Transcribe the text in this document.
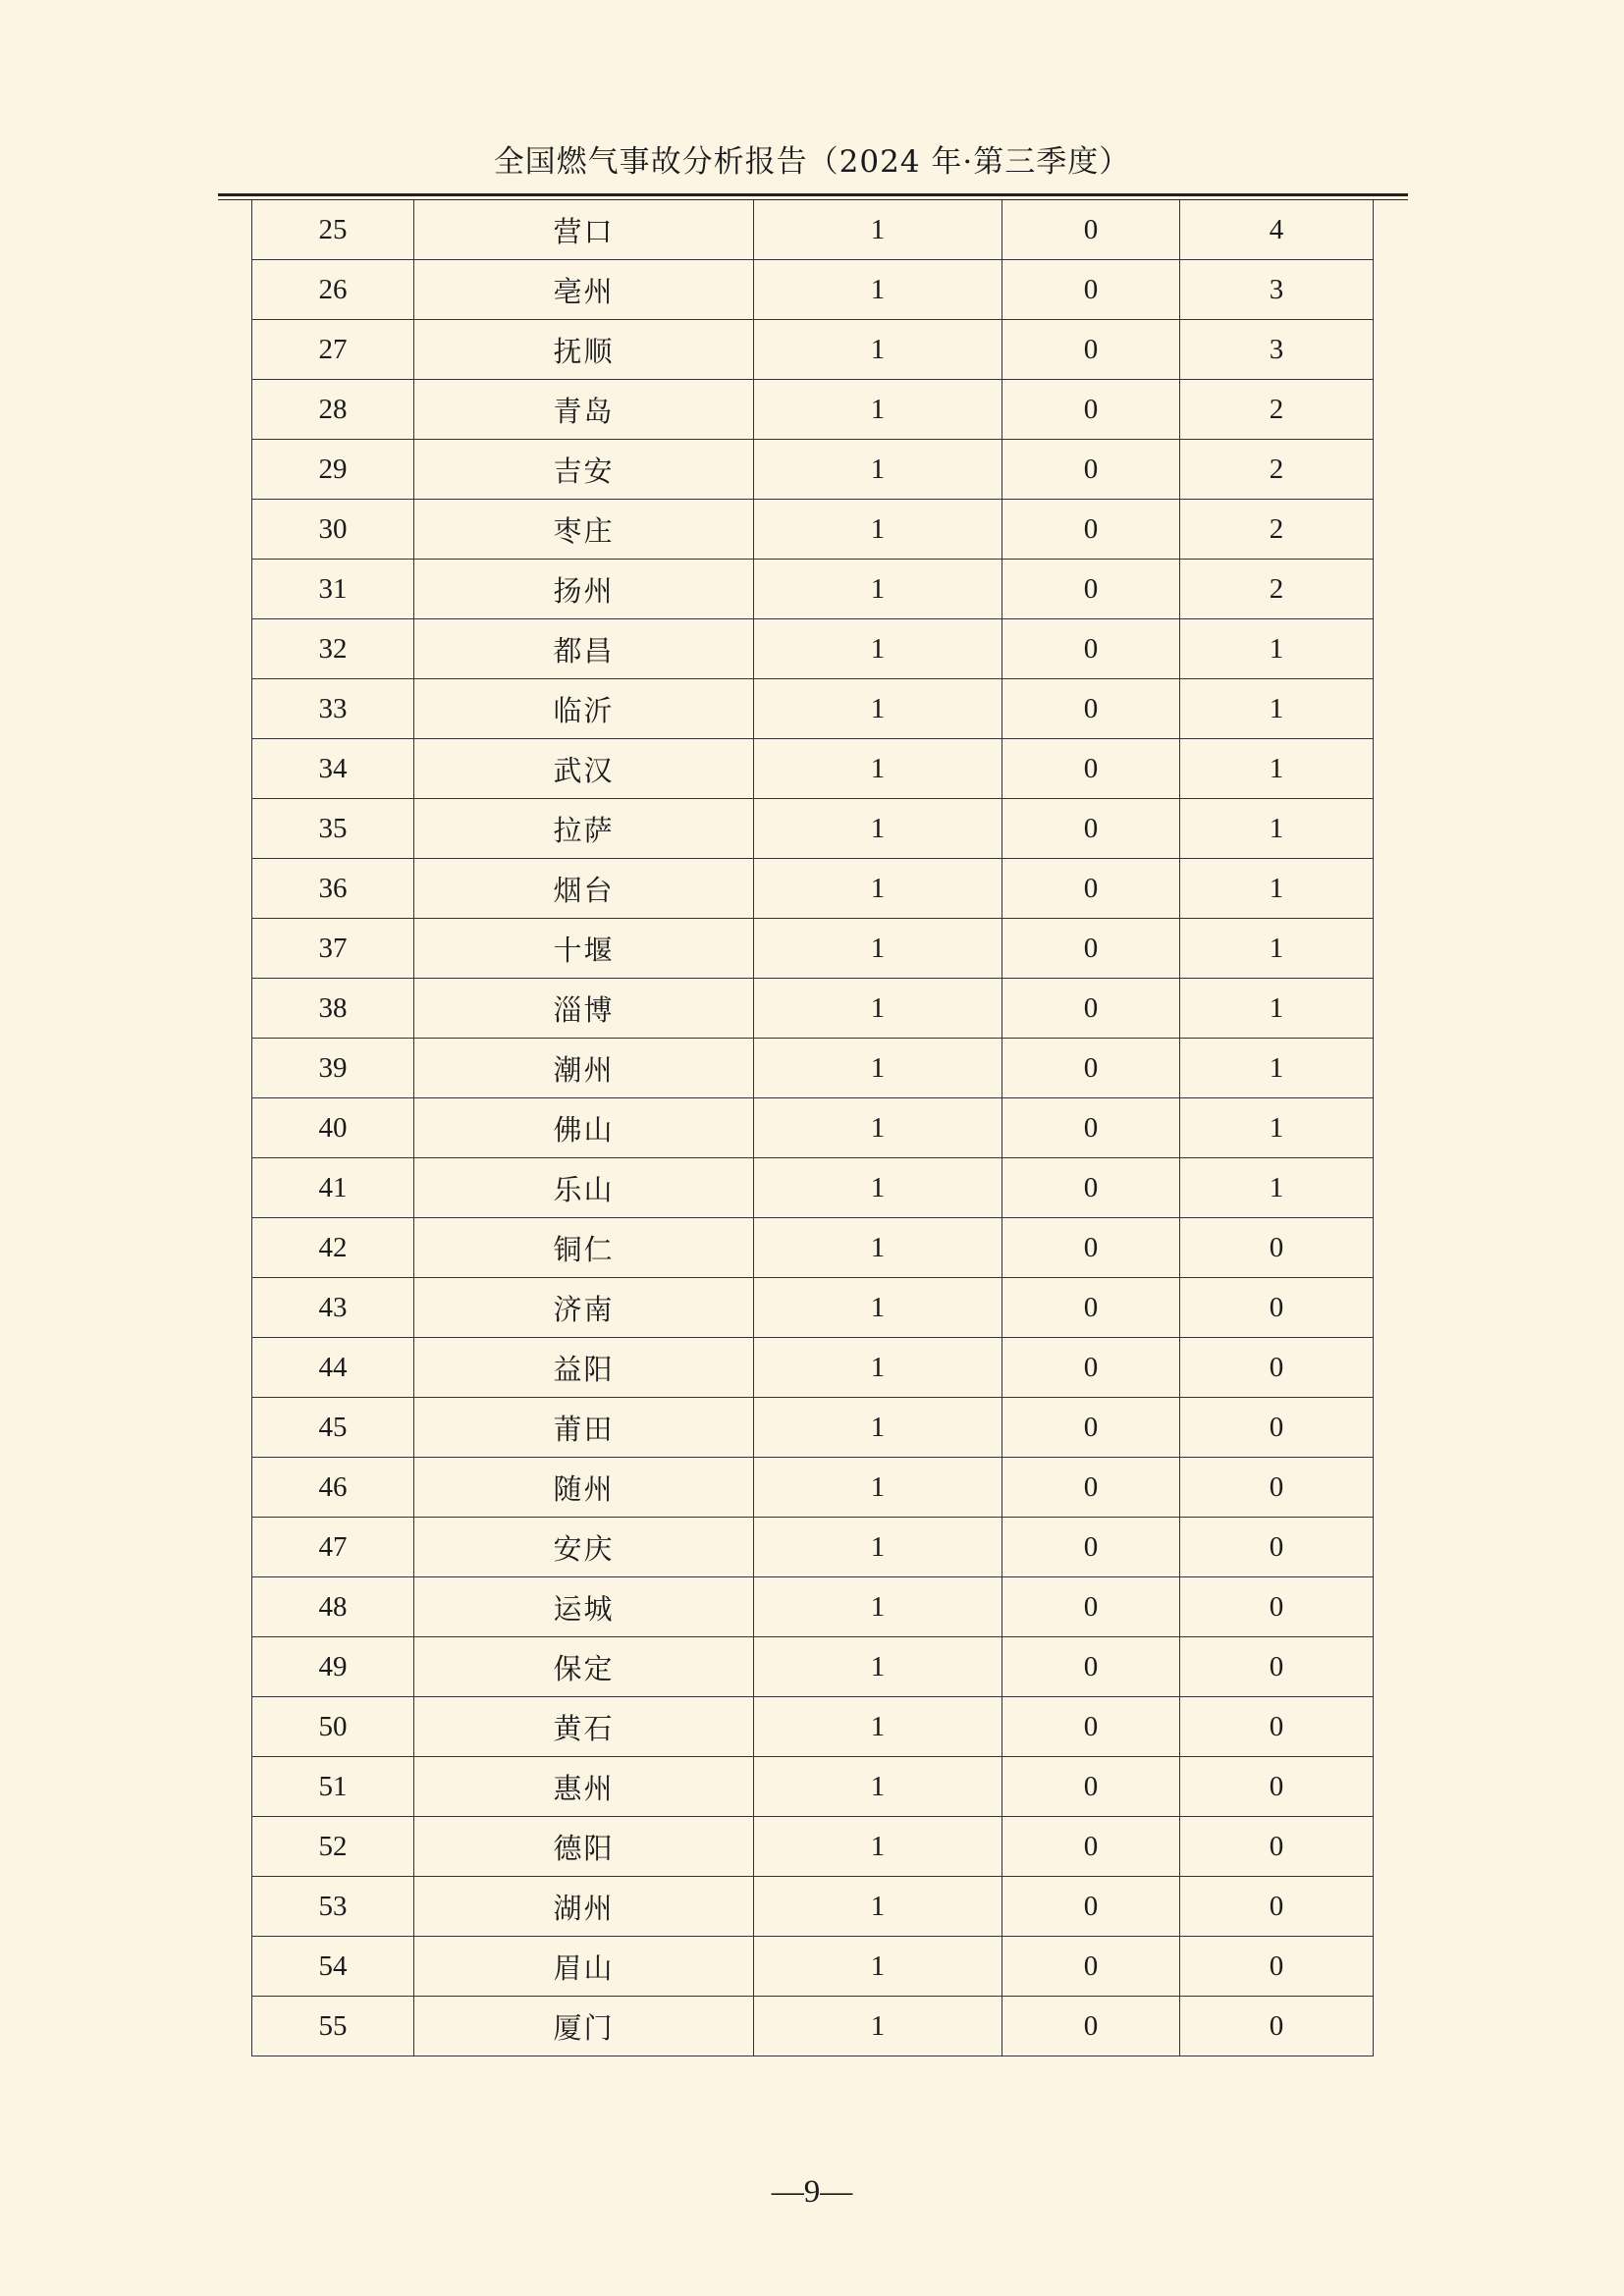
全国燃气事故分析报告（2024 年·第三季度）
25	营口	1	0	4
26	亳州	1	0	3
27	抚顺	1	0	3
28	青岛	1	0	2
29	吉安	1	0	2
30	枣庄	1	0	2
31	扬州	1	0	2
32	都昌	1	0	1
33	临沂	1	0	1
34	武汉	1	0	1
35	拉萨	1	0	1
36	烟台	1	0	1
37	十堰	1	0	1
38	淄博	1	0	1
39	潮州	1	0	1
40	佛山	1	0	1
41	乐山	1	0	1
42	铜仁	1	0	0
43	济南	1	0	0
44	益阳	1	0	0
45	莆田	1	0	0
46	随州	1	0	0
47	安庆	1	0	0
48	运城	1	0	0
49	保定	1	0	0
50	黄石	1	0	0
51	惠州	1	0	0
52	德阳	1	0	0
53	湖州	1	0	0
54	眉山	1	0	0
55	厦门	1	0	0
—9—
